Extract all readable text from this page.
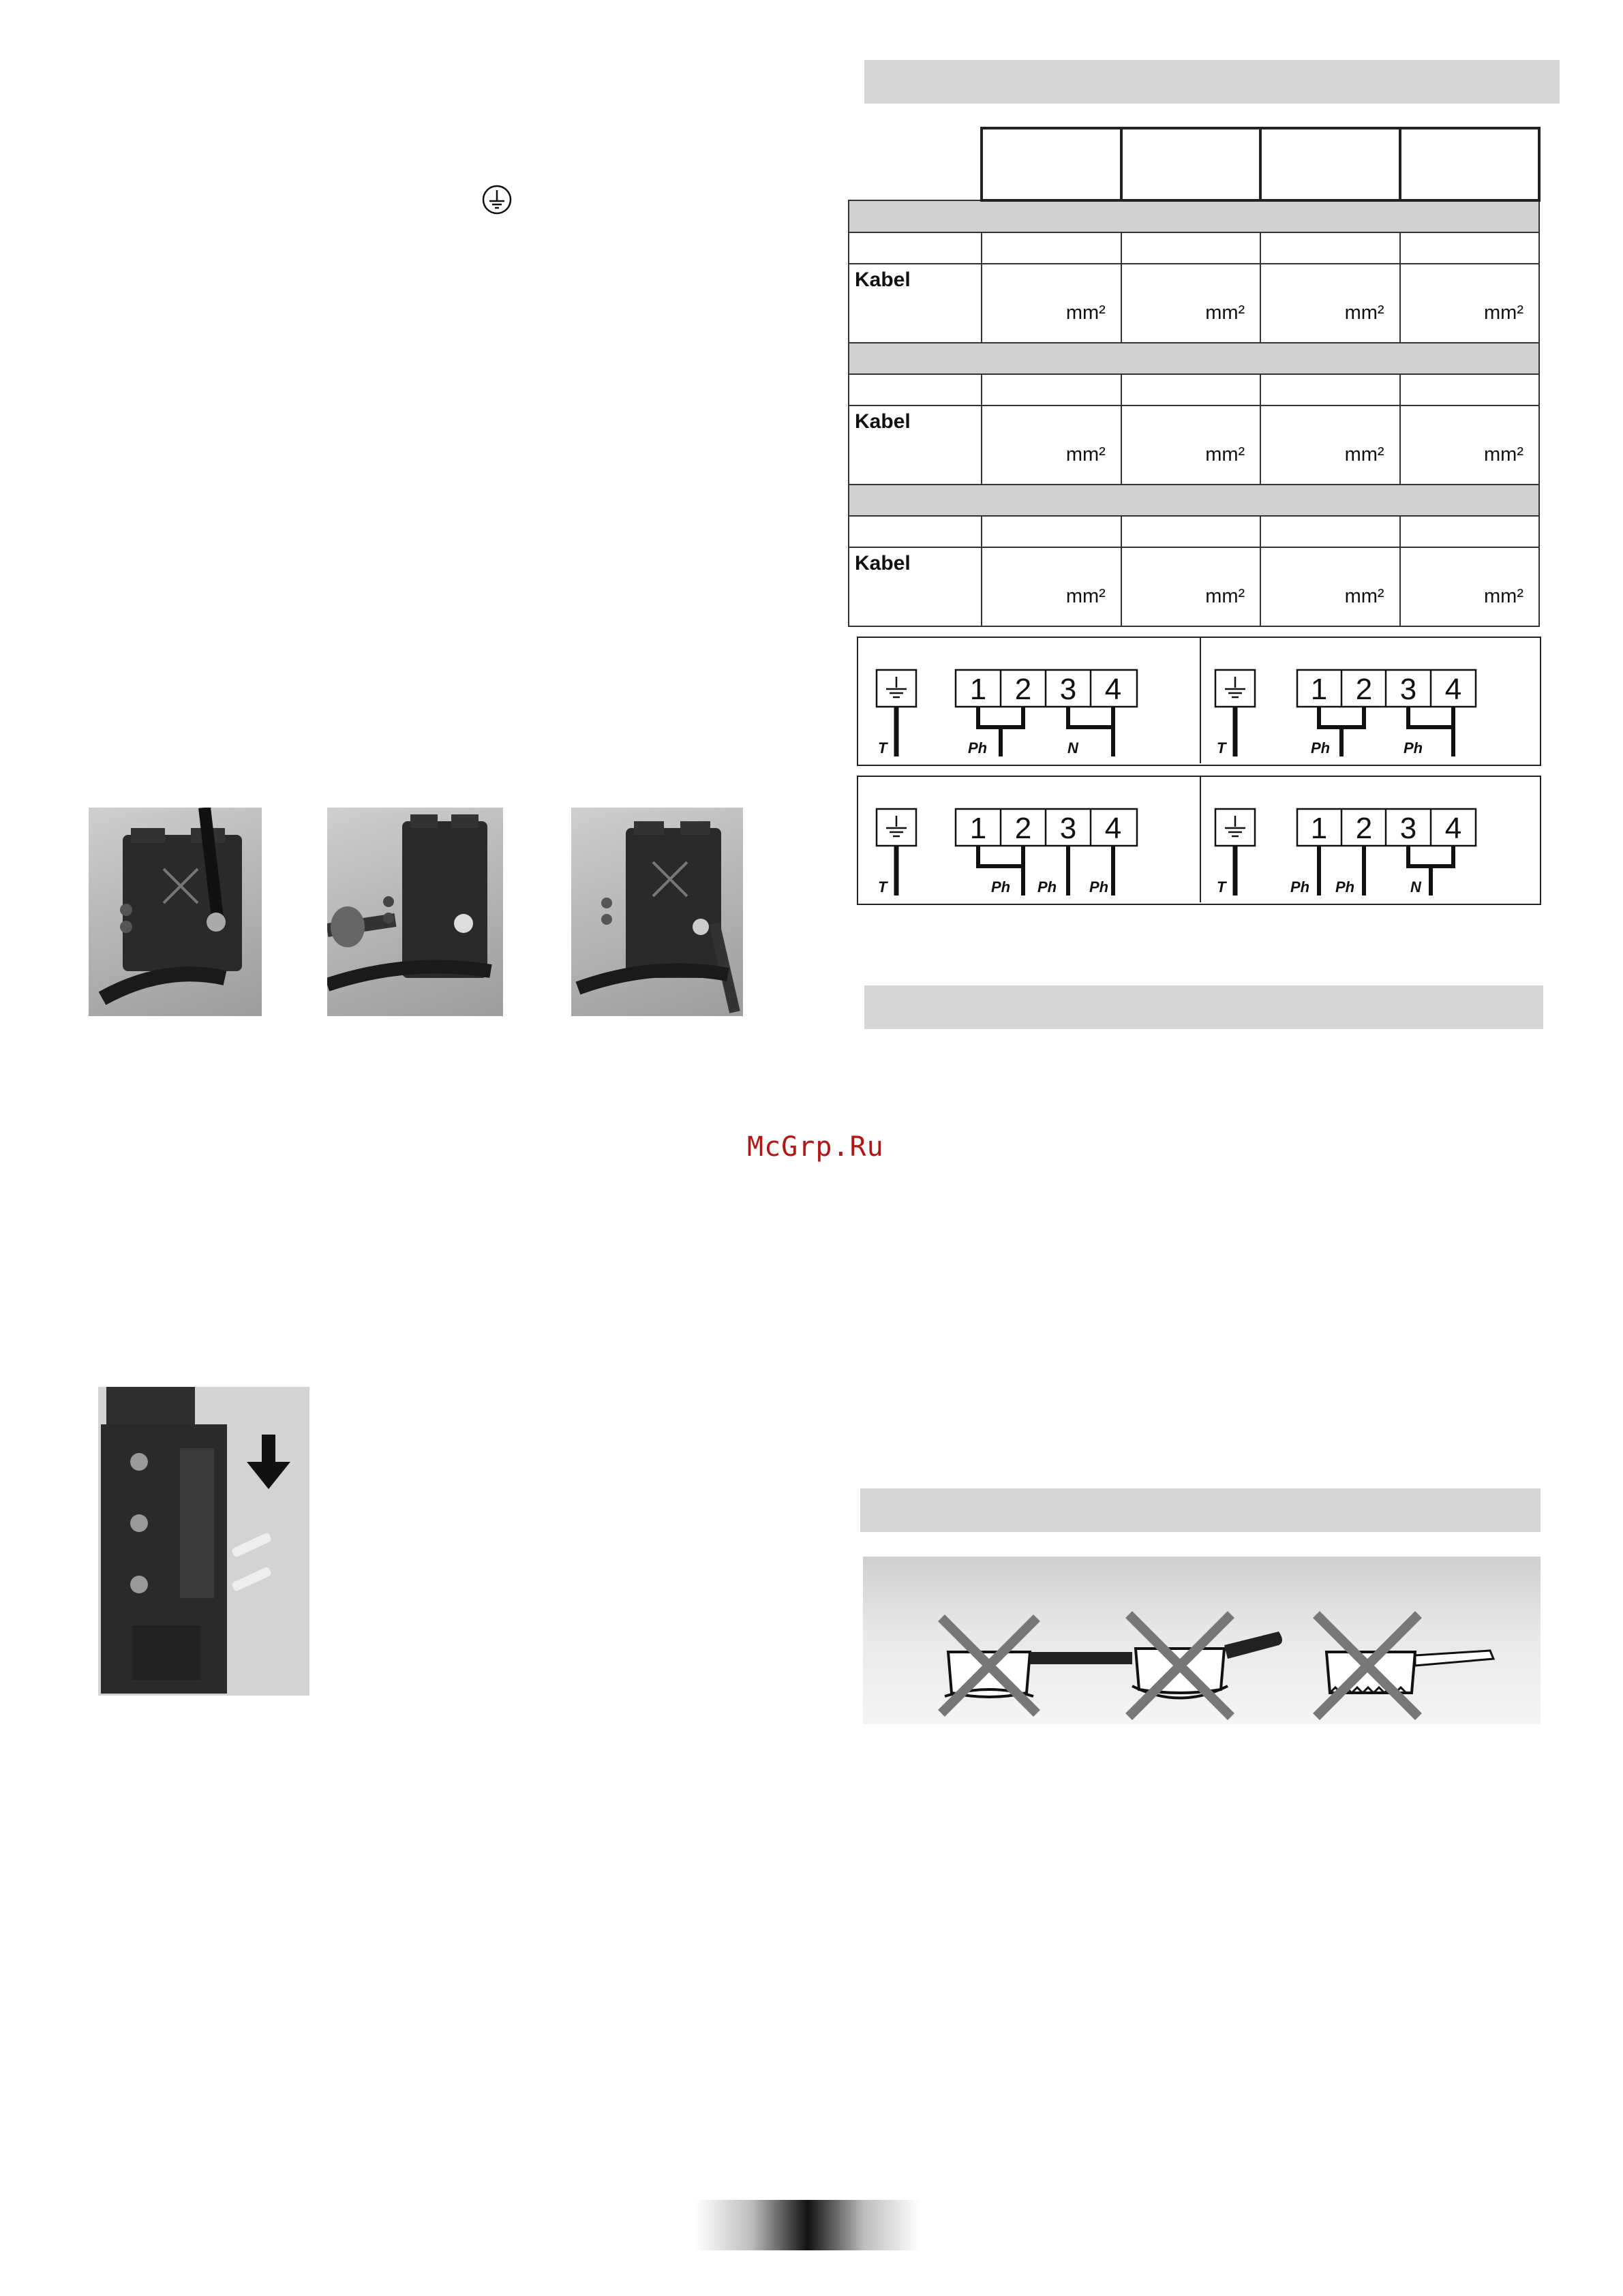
Kabel	mm²	mm²	mm²	mm²

Kabel	mm²	mm²	mm²	mm²

Kabel	mm²	mm²	mm²	mm²
1 2 3 4
T	Ph	N
1 2 3 4
T	Ph	Ph
1 2 3 4
T	Ph Ph Ph
1 2 3 4
T	Ph Ph	N
McGrp.Ru
